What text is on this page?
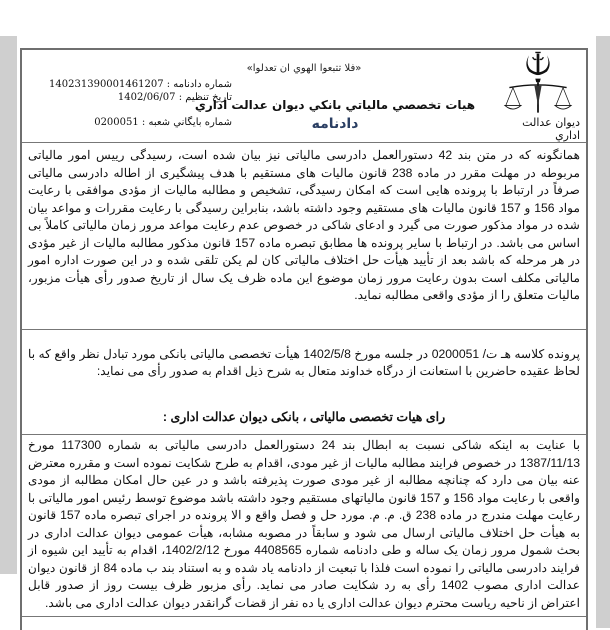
«فلا تتبعوا الهوي ان تعدلوا»
شماره دادنامه : 140231390001461207
تاريخ تنظيم : 1402/06/07
شماره بايگاني شعبه : 0200051
هيات تخصصي مالياتي بانكي ديوان عدالت اداري
دادنامه	ديوان عدالت اداري

همانگونه که در متن بند 42 دستورالعمل دادرسی مالیاتی نیز بیان شده است، رسیدگی رییس امور مالیاتی مربوطه در مهلت مقرر در ماده 238 قانون مالیات های مستقیم با هدف پیشگیری از اطاله دادرسی مالیاتی صرفاً در ارتباط با پرونده هایی است که امکان رسیدگی، تشخیص و مطالبه مالیات از مؤدی موافقی با رعایت مواد 156 و 157 قانون مالیات های مستقیم وجود داشته باشد، بنابراین رسیدگی با رعایت مقررات و مواعد بیان شده در مواد مذکور صورت می گیرد و ادعای شاکی در خصوص عدم رعایت مواعد مرور زمان مالیاتی کاملاً بی اساس می باشد. در ارتباط با سایر پرونده ها مطابق تبصره ماده 157 قانون مذکور مطالبه مالیات از غیر مؤدی در هر مرحله که باشد بعد از تأیید هیأت حل اختلاف مالیاتی کان لم یکن تلقی شده و در این صورت اداره امور مالیاتی مکلف است بدون رعایت مرور زمان موضوع این ماده ظرف یک سال از تاریخ صدور رأی هیأت مزبور، مالیات متعلق را از مؤدی واقعی مطالبه نماید.

پرونده کلاسه هـ ت/ 0200051 در جلسه مورخ 1402/5/8 هیأت تخصصی مالیاتی بانکی مورد تبادل نظر واقع که با لحاظ عقیده حاضرین با استعانت از درگاه خداوند متعال به شرح ذیل اقدام به صدور رأی می نماید:

رای هیات تخصصی مالیاتی ، بانکی دیوان عدالت اداری :

با عنایت به اینکه شاکی نسبت به ابطال بند 24 دستورالعمل دادرسی مالیاتی به شماره 117300 مورخ 1387/11/13 در خصوص فرایند مطالبه مالیات از غیر مودی، اقدام به طرح شکایت نموده است و مقرره معترض عنه بیان می دارد که چنانچه مطالبه از غیر مودی صورت پذیرفته باشد و در عین حال امکان مطالبه از مودی واقعی با رعایت مواد 156 و 157 قانون مالیاتهای مستقیم وجود داشته باشد موضوع توسط رئیس امور مالیاتی با رعایت مهلت مندرج در ماده 238 ق. م. م. مورد حل و فصل واقع و الا پرونده در اجرای تبصره ماده 157 قانون به هیأت حل اختلاف مالیاتی ارسال می شود و سابقاً در مصوبه مشابه، هیأت عمومی دیوان عدالت اداری در بحث شمول مرور زمان یک ساله و طی دادنامه شماره 4408565 مورخ 1402/2/12، اقدام به تأیید این شیوه از فرایند دادرسی مالیاتی را نموده است فلذا با تبعیت از دادنامه یاد شده و به استناد بند ب ماده 84 از قانون دیوان عدالت اداری مصوب 1402 رأی به رد شکایت صادر می نماید. رأی مزبور ظرف بیست روز از صدور قابل اعتراض از ناحیه ریاست محترم دیوان عدالت اداری یا ده نفر از قضات گرانقدر دیوان عدالت اداری می باشد.
